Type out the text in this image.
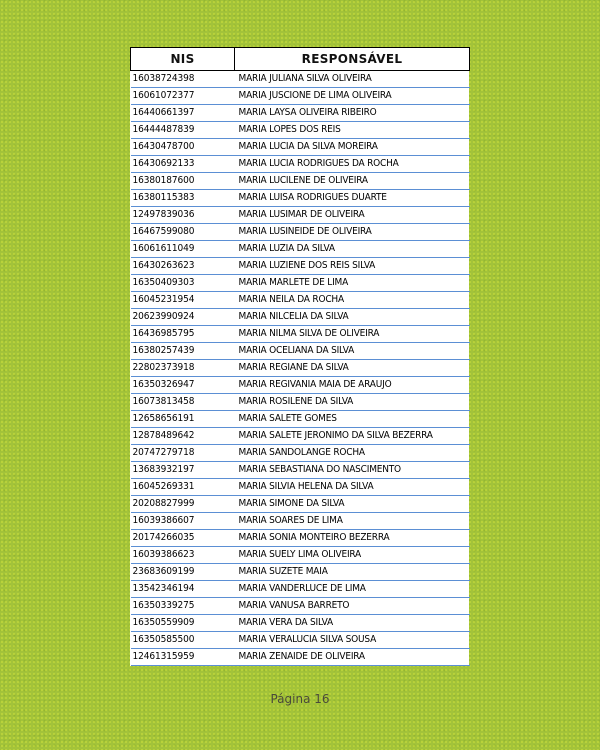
NIS	RESPONSÁVEL
16038724398	MARIA JULIANA SILVA OLIVEIRA
16061072377	MARIA JUSCIONE DE LIMA OLIVEIRA
16440661397	MARIA LAYSA OLIVEIRA RIBEIRO
16444487839	MARIA LOPES DOS REIS
16430478700	MARIA LUCIA DA SILVA MOREIRA
16430692133	MARIA LUCIA RODRIGUES DA ROCHA
16380187600	MARIA LUCILENE DE OLIVEIRA
16380115383	MARIA LUISA RODRIGUES DUARTE
12497839036	MARIA LUSIMAR DE OLIVEIRA
16467599080	MARIA LUSINEIDE DE OLIVEIRA
16061611049	MARIA LUZIA DA SILVA
16430263623	MARIA LUZIENE DOS REIS SILVA
16350409303	MARIA MARLETE DE LIMA
16045231954	MARIA NEILA DA ROCHA
20623990924	MARIA NILCELIA DA SILVA
16436985795	MARIA NILMA SILVA DE OLIVEIRA
16380257439	MARIA OCELIANA DA SILVA
22802373918	MARIA REGIANE DA SILVA
16350326947	MARIA REGIVANIA MAIA DE ARAUJO
16073813458	MARIA ROSILENE DA SILVA
12658656191	MARIA SALETE GOMES
12878489642	MARIA SALETE JERONIMO DA SILVA BEZERRA
20747279718	MARIA SANDOLANGE ROCHA
13683932197	MARIA SEBASTIANA DO NASCIMENTO
16045269331	MARIA SILVIA HELENA DA SILVA
20208827999	MARIA SIMONE DA SILVA
16039386607	MARIA SOARES DE LIMA
20174266035	MARIA SONIA MONTEIRO BEZERRA
16039386623	MARIA SUELY LIMA OLIVEIRA
23683609199	MARIA SUZETE MAIA
13542346194	MARIA VANDERLUCE DE LIMA
16350339275	MARIA VANUSA BARRETO
16350559909	MARIA VERA DA SILVA
16350585500	MARIA VERALUCIA SILVA SOUSA
12461315959	MARIA ZENAIDE DE OLIVEIRA
Página 16
